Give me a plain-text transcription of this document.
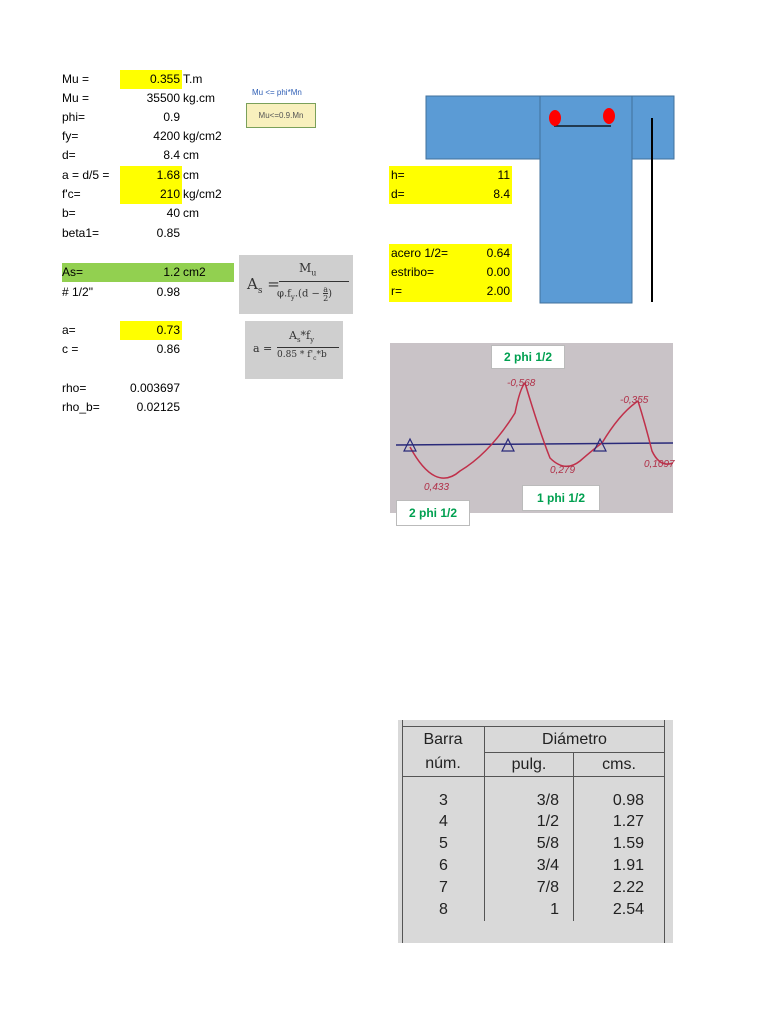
Mu =	0.355 T.m
Mu =	35500 kg.cm
phi=	0.9
fy=	4200 kg/cm2
d=	8.4 cm
a = d/5 =	1.68 cm
f'c=	210 kg/cm2
b=	40 cm
beta1=	0.85
As=	1.2 cm2
# 1/2"	0.98
a=	0.73
c =	0.86
rho=	0.003697
rho_b=	0.02125
Mu <= phi*Mn
Mu<=0.9.Mn
$A_s$ =
$M_u$
$\varphi.f_y.(d - \frac{a}{2})$
a =
$A_s*f_y$
$0.85 * f'_c*b$
h=	11
d=	8.4
acero 1/2=	0.64
estribo=	0.00
r=	2.00
-0,568
-0,355
0,433
0,279
0,1097
2 phi 1/2
1 phi 1/2
2 phi 1/2
Barra	Diámetro	
núm.	pulg.	cms.
3	3/8	0.98
4	1/2	1.27
5	5/8	1.59
6	3/4	1.91
7	7/8	2.22
8	1	2.54
